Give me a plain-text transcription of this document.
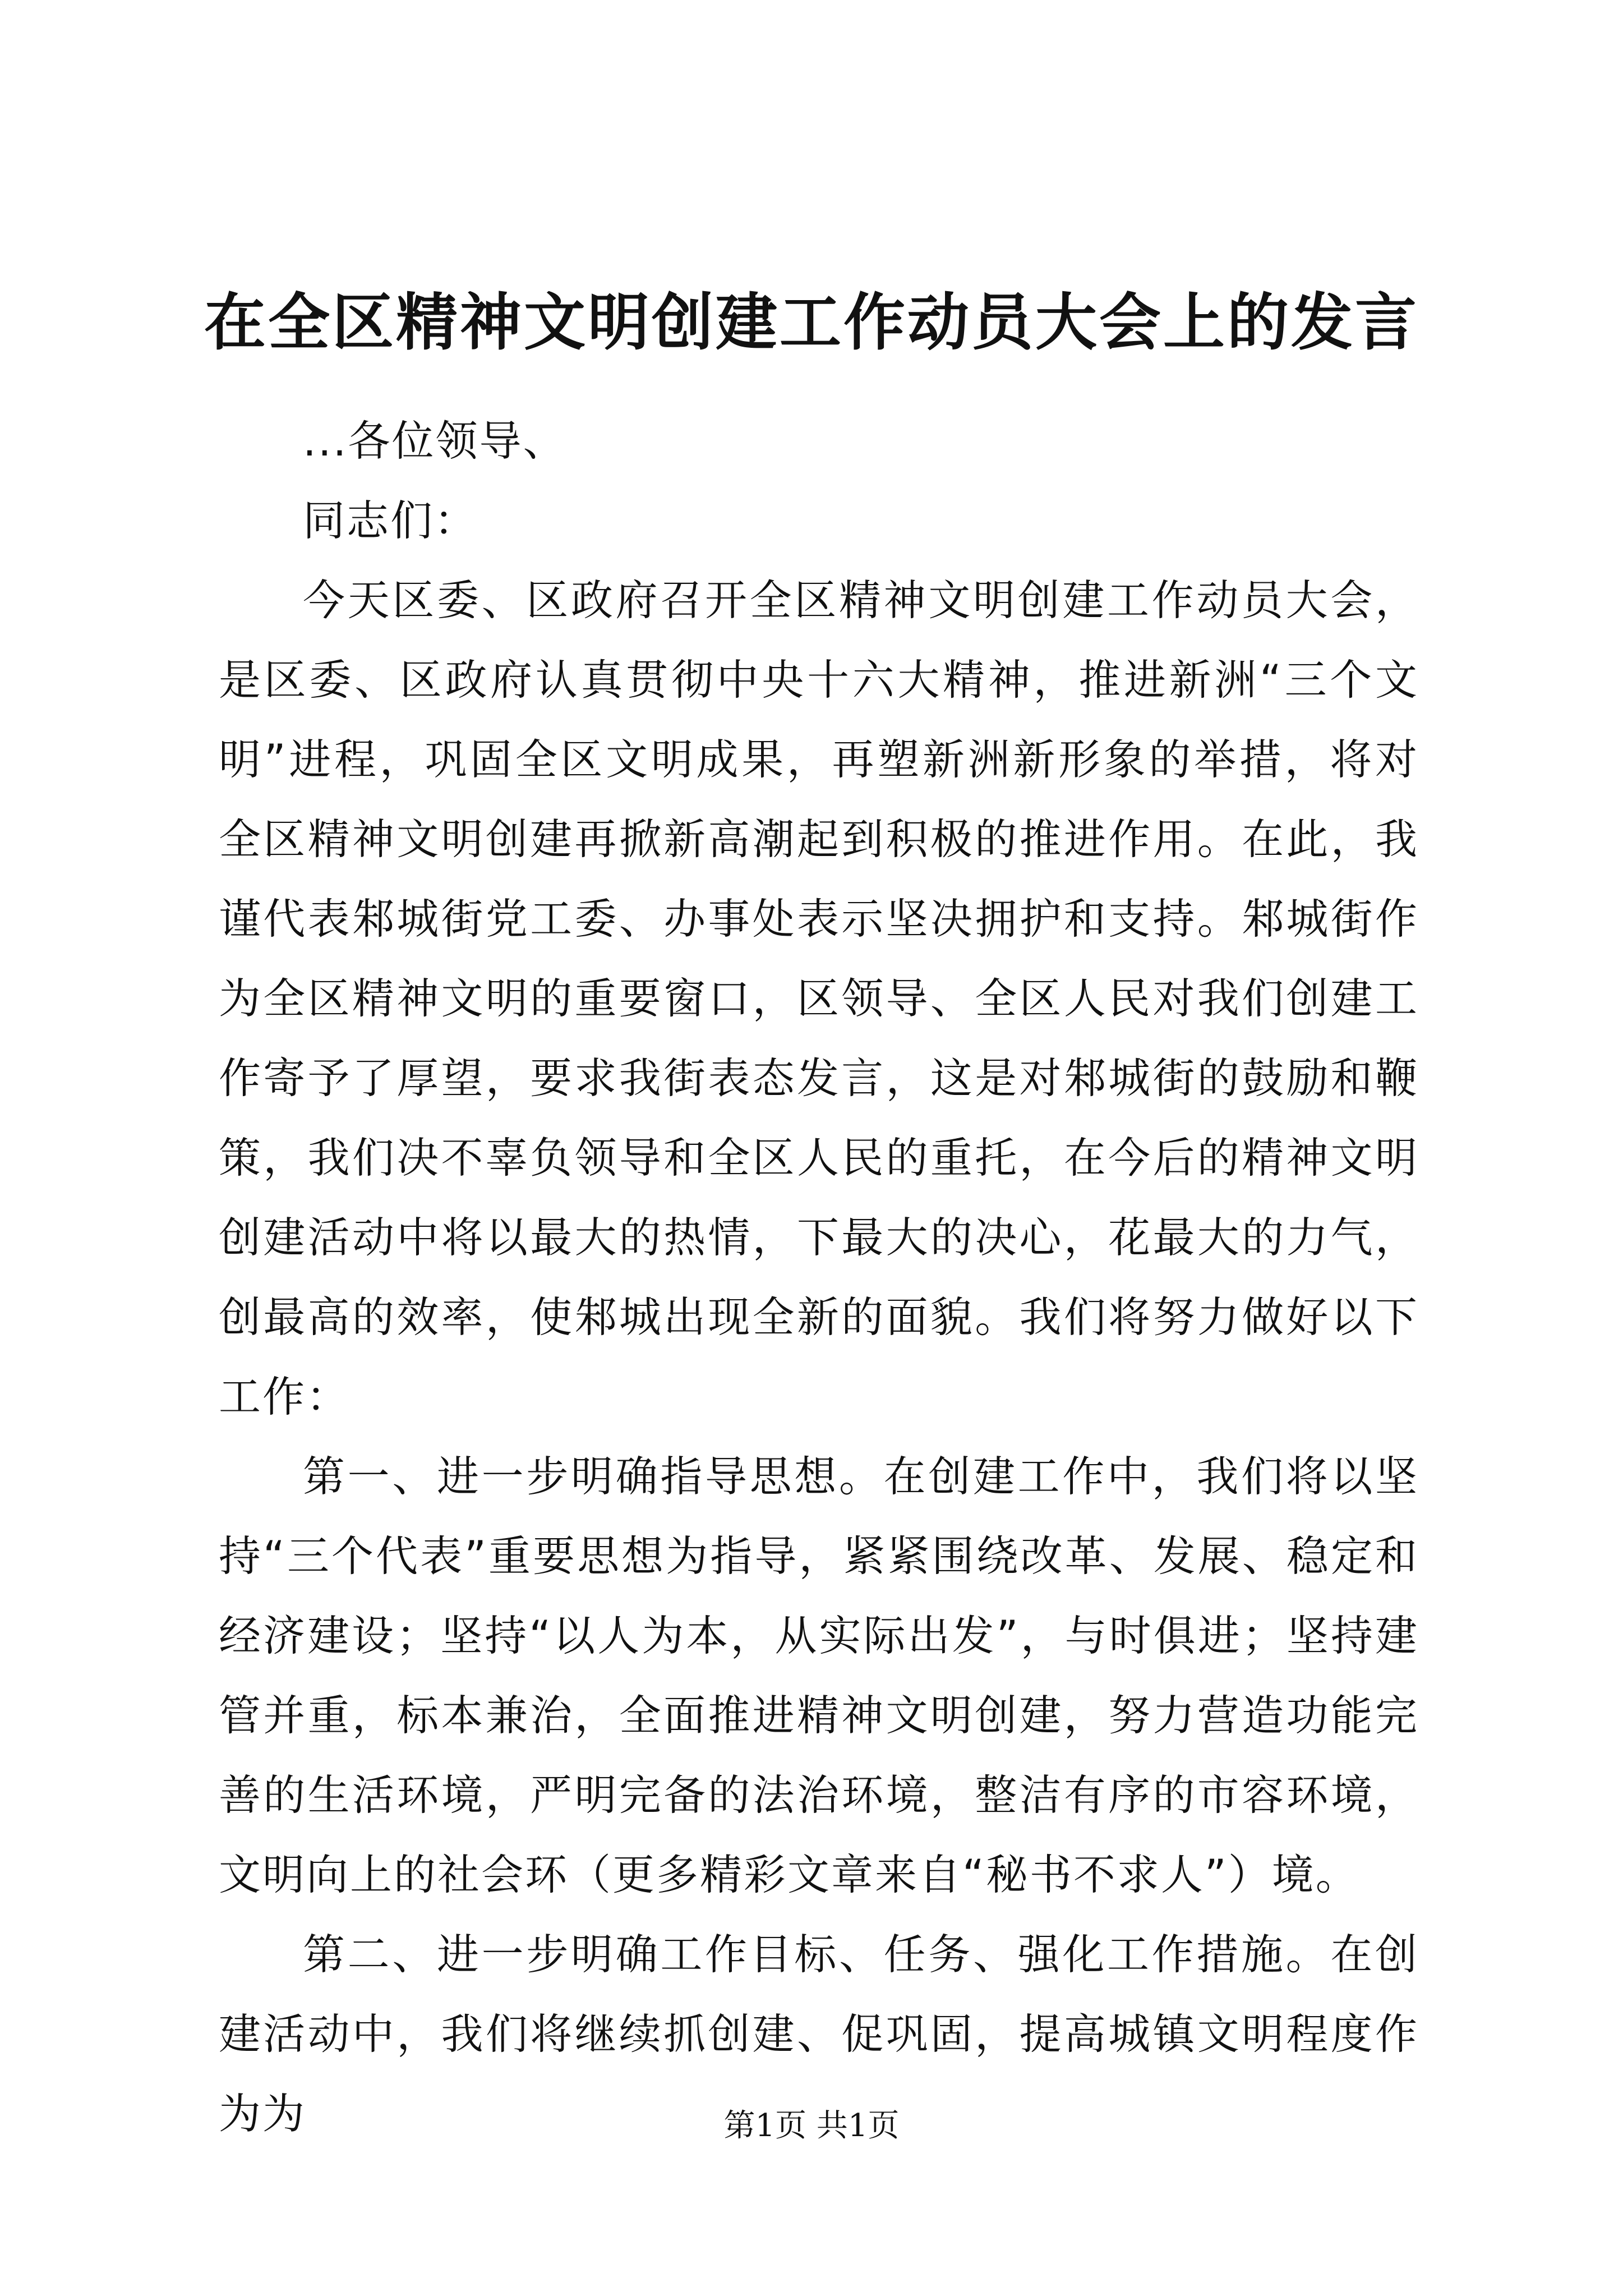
在全区精神文明创建工作动员大会上的发言

...各位领导、

同志们：

今天区委、区政府召开全区精神文明创建工作动员大会，是区委、区政府认真贯彻中央十六大精神，推进新洲“三个文明”进程，巩固全区文明成果，再塑新洲新形象的举措，将对全区精神文明创建再掀新高潮起到积极的推进作用。在此，我谨代表邾城街党工委、办事处表示坚决拥护和支持。邾城街作为全区精神文明的重要窗口，区领导、全区人民对我们创建工作寄予了厚望，要求我街表态发言，这是对邾城街的鼓励和鞭策，我们决不辜负领导和全区人民的重托，在今后的精神文明创建活动中将以最大的热情，下最大的决心，花最大的力气，创最高的效率，使邾城出现全新的面貌。我们将努力做好以下工作：

第一、进一步明确指导思想。在创建工作中，我们将以坚持“三个代表”重要思想为指导，紧紧围绕改革、发展、稳定和经济建设；坚持“以人为本，从实际出发”，与时俱进；坚持建管并重，标本兼治，全面推进精神文明创建，努力营造功能完善的生活环境，严明完备的法治环境，整洁有序的市容环境，文明向上的社会环（更多精彩文章来自“秘书不求人”）境。

第二、进一步明确工作目标、任务、强化工作措施。在创建活动中，我们将继续抓创建、促巩固，提高城镇文明程度作为为	第1页 共1页
